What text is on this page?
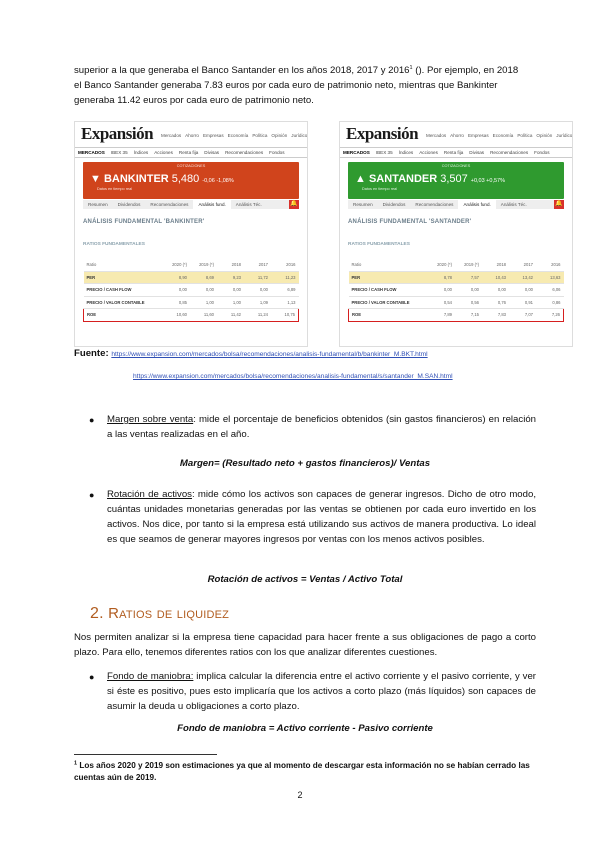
superior a la que generaba el Banco Santander en los años 2018, 2017 y 2016$^1$ (). Por ejemplo, en 2018
el Banco Santander generaba 7.83 euros por cada euro de patrimonio neto, mientras que Bankinter
generaba 11.42 euros por cada euro de patrimonio neto.
Expansión Mercados Ahorro Empresas Economía Política Opinión Jurídico
MERCADOS IBEX 35 Índices Acciones Renta fija Divisas Recomendaciones Fondos
COTIZACIONES
▼ BANKINTER 5,480 -0,06 -1,08%
Datos en tiempo real
Resumen Dividendos Recomendaciones Análisis fund. Análisis Téc.	🔔
ANÁLISIS FUNDAMENTAL 'BANKINTER'
RATIOS FUNDAMENTALES
Ratio	2020 (*)	2019 (*)	2018	2017	2016
PER	8,90	8,69	9,23	11,72	11,23
PRECIO / CASH FLOW	0,00	0,00	0,00	0,00	6,89
PRECIO / VALOR CONTABLE	0,85	1,00	1,00	1,09	1,13
ROE	10,60	11,60	11,42	11,24	10,75
Expansión Mercados Ahorro Empresas Economía Política Opinión Jurídico
MERCADOS IBEX 35 Índices Acciones Renta fija Divisas Recomendaciones Fondos
COTIZACIONES
▲ SANTANDER 3,507 +0,03 +0,57%
Datos en tiempo real
Resumen Dividendos Recomendaciones Análisis fund. Análisis Téc.	🔔
ANÁLISIS FUNDAMENTAL 'SANTANDER'
RATIOS FUNDAMENTALES
Ratio	2020 (*)	2019 (*)	2018	2017	2016
PER	8,78	7,57	10,43	13,42	13,63
PRECIO / CASH FLOW	0,00	0,00	0,00	0,00	6,06
PRECIO / VALOR CONTABLE	0,54	0,56	0,76	0,91	0,86
ROE	7,89	7,15	7,83	7,07	7,26
Fuente: https://www.expansion.com/mercados/bolsa/recomendaciones/analisis-fundamental/b/bankinter_M.BKT.html
https://www.expansion.com/mercados/bolsa/recomendaciones/analisis-fundamental/s/santander_M.SAN.html
● Margen sobre venta: mide el porcentaje de beneficios obtenidos (sin gastos financieros) en relación a las ventas realizadas en el año.
Margen= (Resultado neto + gastos financieros)/ Ventas
● Rotación de activos: mide cómo los activos son capaces de generar ingresos. Dicho de otro modo, cuántas unidades monetarias generadas por las ventas se obtienen por cada euro invertido en los activos. Nos dice, por tanto si la empresa está utilizando sus activos de manera productiva. Lo ideal es que seamos de generar mayores ingresos por ventas con los menos activos posibles.
Rotación de activos = Ventas / Activo Total
2. Ratios de liquidez
Nos permiten analizar si la empresa tiene capacidad para hacer frente a sus obligaciones de pago a corto plazo. Para ello, tenemos diferentes ratios con los que analizar diferentes cuestiones.
● Fondo de maniobra: implica calcular la diferencia entre el activo corriente y el pasivo corriente, y ver si éste es positivo, pues esto implicaría que los activos a corto plazo (más líquidos) son capaces de asumir la deuda u obligaciones a corto plazo.
Fondo de maniobra = Activo corriente - Pasivo corriente
$^1$ Los años 2020 y 2019 son estimaciones ya que al momento de descargar esta información no se habían cerrado las cuentas aún de 2019.
2
